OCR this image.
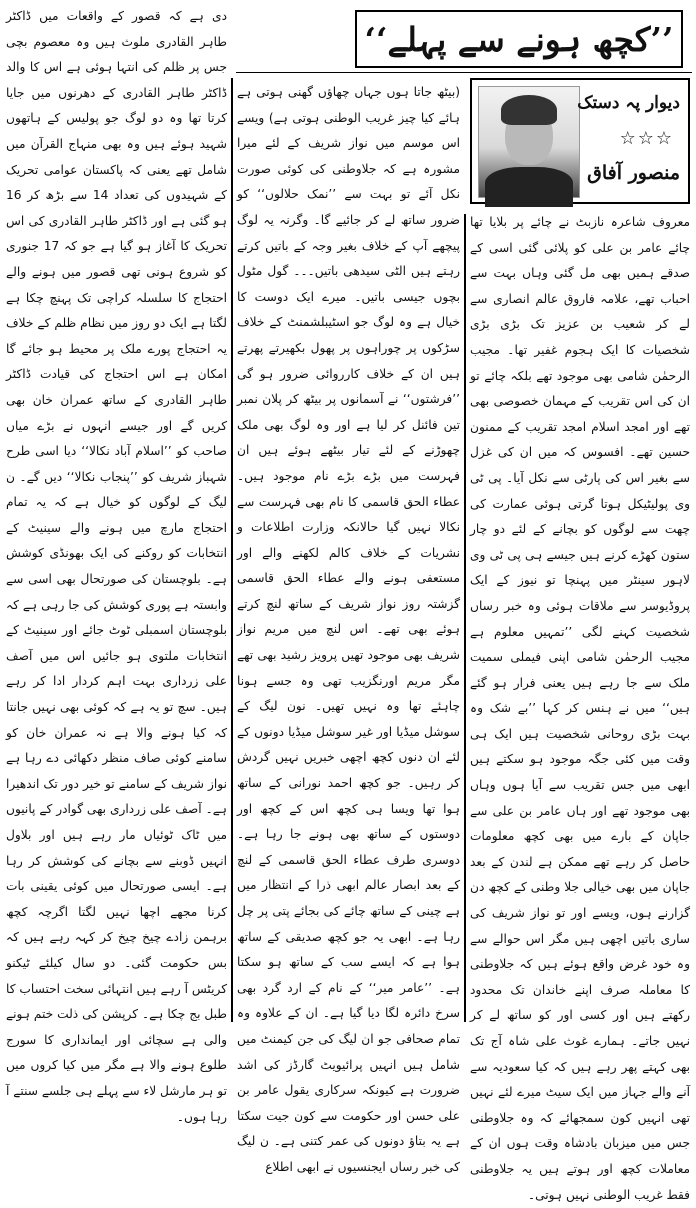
’’کچھ ہونے سے پہلے‘‘
دیوار پہ دستک
☆☆☆
منصور آفاق

معروف شاعرہ نازبٹ نے چائے پر بلایا تھا چائے عامر بن علی کو پلائی گئی اسی کے صدقے ہمیں بھی مل گئی وہاں بہت سے احباب تھے، علامہ فاروق عالم انصاری سے لے کر شعیب بن عزیز تک بڑی بڑی شخصیات کا ایک ہجوم غفیر تھا۔ مجیب الرحمٰن شامی بھی موجود تھے بلکہ چائے تو ان کی اس تقریب کے مہمان خصوصی بھی تھے اور امجد اسلام امجد تقریب کے ممنون حسین تھے۔ افسوس کہ میں ان کی غزل سے بغیر اس کی پارٹی سے نکل آیا۔ پی ٹی وی پولیٹیکل ہوتا گرتی ہوئی عمارت کی چھت سے لوگوں کو بچانے کے لئے دو چار ستون کھڑے کرنے ہیں جیسے ہی پی ٹی وی لاہور سینٹر میں پہنچا تو نیوز کے ایک پروڈیوسر سے ملاقات ہوئی وہ خبر رساں شخصیت کہنے لگی ’’تمہیں معلوم ہے مجیب الرحمٰن شامی اپنی فیملی سمیت ملک سے جا رہے ہیں یعنی فرار ہو گئے ہیں‘‘ میں نے ہنس کر کہا ’’بے شک وہ بہت بڑی روحانی شخصیت ہیں ایک ہی وقت میں کئی جگہ موجود ہو سکتے ہیں ابھی میں جس تقریب سے آیا ہوں وہاں بھی موجود تھے اور ہاں عامر بن علی سے جاپان کے بارے میں بھی کچھ معلومات حاصل کر رہے تھے ممکن ہے لندن کے بعد جاپان میں بھی خیالی جلا وطنی کے کچھ دن گزارنے ہوں، ویسے اور تو نواز شریف کی ساری باتیں اچھی ہیں مگر اس حوالے سے وہ خود غرض واقع ہوئے ہیں کہ جلاوطنی کا معاملہ صرف اپنے خاندان تک محدود رکھتے ہیں اور کسی اور کو ساتھ لے کر نہیں جاتے۔ ہمارے غوث علی شاہ آج تک بھی کہتے پھر رہے ہیں کہ کیا سعودیہ سے آنے والے جہاز میں ایک سیٹ میرے لئے نہیں تھی انہیں کون سمجھائے کہ وہ جلاوطنی جس میں میزبان بادشاہ وقت ہوں ان کے معاملات کچھ اور ہوتے ہیں یہ جلاوطنی فقط غریب الوطنی نہیں ہوتی۔

(بیٹھ جاتا ہوں جہاں چھاؤں گھنی ہوتی ہے ہائے کیا چیز غریب الوطنی ہوتی ہے) ویسے اس موسم میں نواز شریف کے لئے میرا مشورہ ہے کہ جلاوطنی کی کوئی صورت نکل آئے تو بہت سے ’’نمک حلالوں‘‘ کو ضرور ساتھ لے کر جائیے گا۔ وگرنہ یہ لوگ پیچھے آپ کے خلاف بغیر وجہ کے باتیں کرتے رہتے ہیں الٹی سیدھی باتیں۔۔۔ گول مٹول بچوں جیسی باتیں۔ میرے ایک دوست کا خیال ہے وہ لوگ جو اسٹیبلشمنٹ کے خلاف سڑکوں پر چوراہوں پر پھول بکھیرتے پھرتے ہیں ان کے خلاف کارروائی ضرور ہو گی ’’فرشتوں‘‘ نے آسمانوں پر بیٹھ کر پلان نمبر تین فائنل کر لیا ہے اور وہ لوگ بھی ملک چھوڑنے کے لئے تیار بیٹھے ہوئے ہیں ان فہرست میں بڑے بڑے نام موجود ہیں۔ عطاء الحق قاسمی کا نام بھی فہرست سے نکالا نہیں گیا حالانکہ وزارت اطلاعات و نشریات کے خلاف کالم لکھنے والے اور مستعفی ہونے والے عطاء الحق قاسمی گزشتہ روز نواز شریف کے ساتھ لنچ کرتے ہوئے بھی تھے۔ اس لنچ میں مریم نواز شریف بھی موجود تھیں پرویز رشید بھی تھے مگر مریم اورنگزیب تھی وہ جسے ہونا چاہئے تھا وہ نہیں تھیں۔ نون لیگ کے سوشل میڈیا اور غیر سوشل میڈیا دونوں کے لئے ان دنوں کچھ اچھی خبریں نہیں گردش کر رہیں۔ جو کچھ احمد نورانی کے ساتھ ہوا تھا ویسا ہی کچھ اس کے کچھ اور دوستوں کے ساتھ بھی ہونے جا رہا ہے۔ دوسری طرف عطاء الحق قاسمی کے لنچ کے بعد ابصار عالم ابھی ذرا کے انتظار میں ہے چینی کے ساتھ چائے کی بجائے پتی پر چل رہا ہے۔ ابھی یہ جو کچھ صدیقی کے ساتھ ہوا ہے کہ ایسے سب کے ساتھ ہو سکتا ہے۔ ’’عامر میر‘‘ کے نام کے ارد گرد بھی سرخ دائرہ لگا دیا گیا ہے۔ ان کے علاوہ وہ تمام صحافی جو ان لیگ کی جن کیمنٹ میں شامل ہیں انہیں پرائیویٹ گارڈز کی اشد ضرورت ہے کیونکہ سرکاری یقول عامر بن علی حسن اور حکومت سے کون جیت سکتا ہے یہ بتاؤ دونوں کی عمر کتنی ہے۔ ن لیگ کی خبر رساں ایجنسیوں نے ابھی اطلاع

دی ہے کہ قصور کے واقعات میں ڈاکٹر طاہر القادری ملوث ہیں وہ معصوم بچی جس پر ظلم کی انتہا ہوئی ہے اس کا والد ڈاکٹر طاہر القادری کے دھرنوں میں جایا کرتا تھا وہ دو لوگ جو پولیس کے ہاتھوں شہید ہوئے ہیں وہ بھی منہاج القرآن میں شامل تھے یعنی کہ پاکستان عوامی تحریک کے شہیدوں کی تعداد 14 سے بڑھ کر 16 ہو گئی ہے اور ڈاکٹر طاہر القادری کی اس تحریک کا آغاز ہو گیا ہے جو کہ 17 جنوری کو شروع ہونی تھی قصور میں ہونے والے احتجاج کا سلسلہ کراچی تک پہنچ چکا ہے لگتا ہے ایک دو روز میں نظام ظلم کے خلاف یہ احتجاج پورے ملک پر محیط ہو جائے گا امکان ہے اس احتجاج کی قیادت ڈاکٹر طاہر القادری کے ساتھ عمران خان بھی کریں گے اور جیسے انہوں نے بڑے میاں صاحب کو ’’اسلام آباد نکالا‘‘ دیا اسی طرح شہباز شریف کو ’’پنجاب نکالا‘‘ دیں گے۔ ن لیگ کے لوگوں کو خیال ہے کہ یہ تمام احتجاج مارچ میں ہونے والے سینیٹ کے انتخابات کو روکنے کی ایک بھونڈی کوشش ہے۔ بلوچستان کی صورتحال بھی اسی سے وابستہ ہے پوری کوشش کی جا رہی ہے کہ بلوچستان اسمبلی ٹوٹ جائے اور سینیٹ کے انتخابات ملتوی ہو جائیں اس میں آصف علی زرداری بہت اہم کردار ادا کر رہے ہیں۔ سچ تو یہ ہے کہ کوئی بھی نہیں جانتا کہ کیا ہونے والا ہے نہ عمران خان کو سامنے کوئی صاف منظر دکھائی دے رہا ہے نواز شریف کے سامنے تو خیر دور تک اندھیرا ہے۔ آصف علی زرداری بھی گوادر کے پانیوں میں ٹاک ٹوئیاں مار رہے ہیں اور بلاول انہیں ڈوبنے سے بچانے کی کوشش کر رہا ہے۔ ایسی صورتحال میں کوئی یقینی بات کرنا مجھے اچھا نہیں لگتا اگرچہ کچھ برہمن زادے چیخ چیخ کر کہہ رہے ہیں کہ بس حکومت گئی۔ دو سال کیلئے ٹیکنو کریٹس آ رہے ہیں انتہائی سخت احتساب کا طبل بج چکا ہے۔ کرپشن کی ذلت ختم ہونے والی ہے سچائی اور ایمانداری کا سورج طلوع ہونے والا ہے مگر میں کیا کروں میں تو ہر مارشل لاء سے پہلے ہی جلسے سنتے آ رہا ہوں۔
